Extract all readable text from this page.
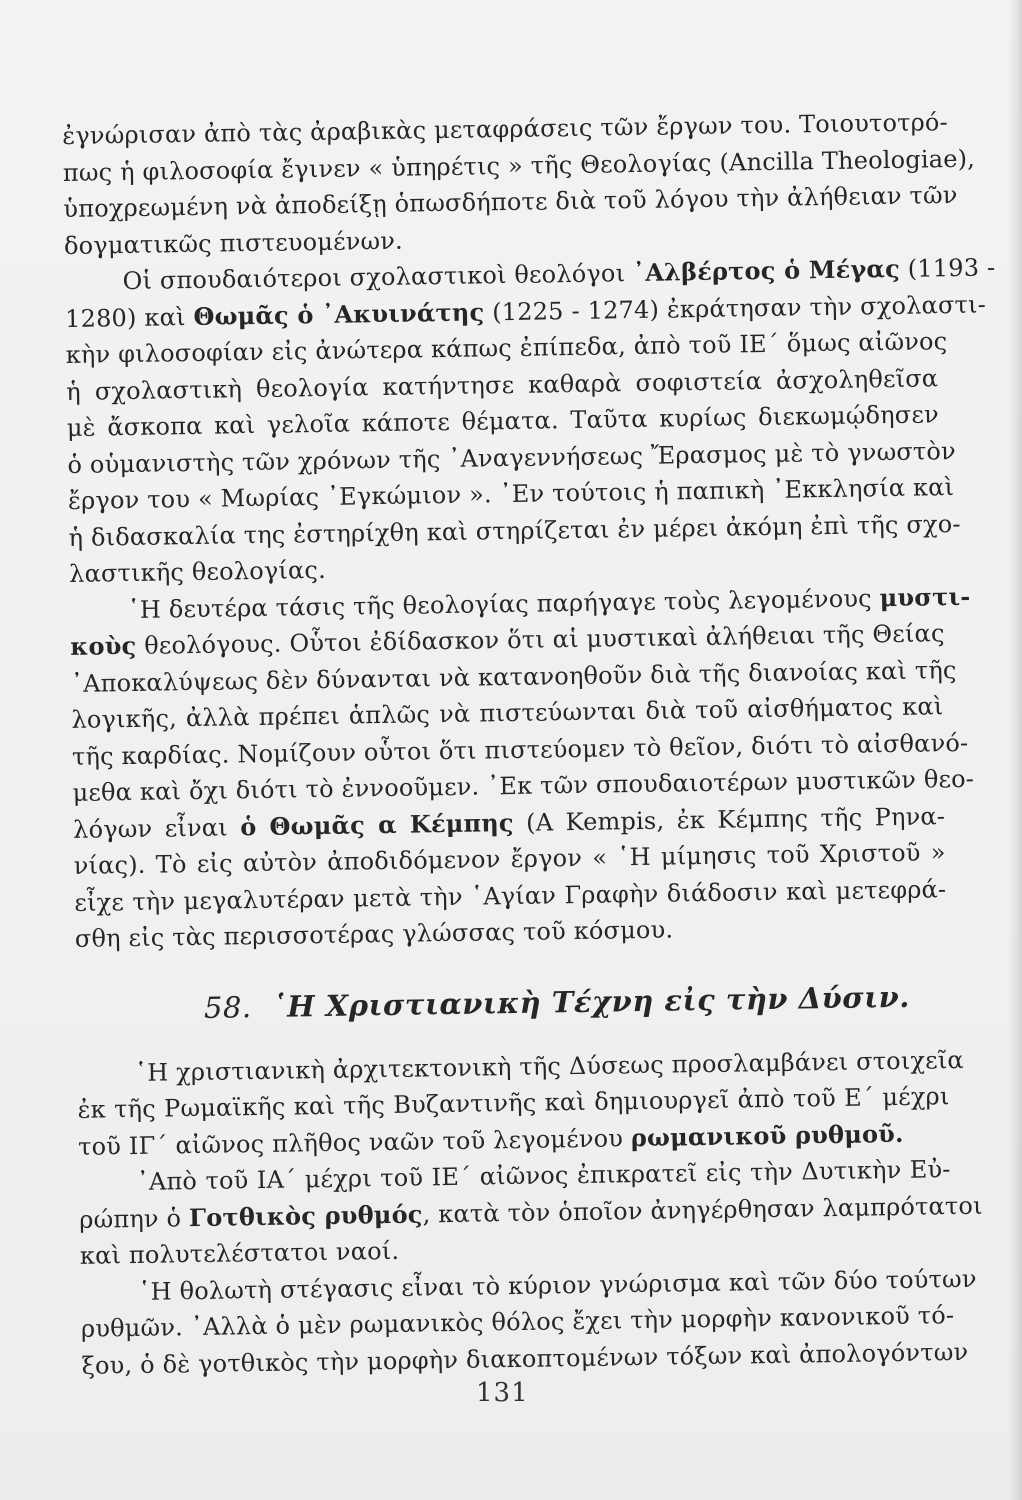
ἐγνώρισαν ἀπὸ τὰς ἀραβικὰς μεταφράσεις τῶν ἔργων του. Τοιουτοτρό-
πως ἡ φιλοσοφία ἔγινεν « ὑπηρέτις » τῆς Θεολογίας (Ancilla Theologiae),
ὑποχρεωμένη νὰ ἀποδείξῃ ὁπωσδήποτε διὰ τοῦ λόγου τὴν ἀλήθειαν τῶν
δογματικῶς πιστευομένων.

Οἱ σπουδαιότεροι σχολαστικοὶ θεολόγοι ᾿Αλβέρτος ὁ Μέγας (1193 -
1280) καὶ Θωμᾶς ὁ ᾿Ακυινάτης (1225 - 1274) ἐκράτησαν τὴν σχολαστι-
κὴν φιλοσοφίαν εἰς ἀνώτερα κάπως ἐπίπεδα, ἀπὸ τοῦ ΙΕ΄ ὅμως αἰῶνος
ἡ σχολαστικὴ θεολογία κατήντησε καθαρὰ σοφιστεία ἀσχοληθεῖσα
μὲ ἄσκοπα καὶ γελοῖα κάποτε θέματα. Ταῦτα κυρίως διεκωμῴδησεν
ὁ οὑμανιστὴς τῶν χρόνων τῆς ᾿Αναγεννήσεως Ἔρασμος μὲ τὸ γνωστὸν
ἔργον του « Μωρίας ᾿Εγκώμιον ». ᾿Εν τούτοις ἡ παπικὴ ᾿Εκκλησία καὶ
ἡ διδασκαλία της ἐστηρίχθη καὶ στηρίζεται ἐν μέρει ἀκόμη ἐπὶ τῆς σχο-
λαστικῆς θεολογίας.

῾Η δευτέρα τάσις τῆς θεολογίας παρήγαγε τοὺς λεγομένους μυστι-
κοὺς θεολόγους. Οὗτοι ἐδίδασκον ὅτι αἱ μυστικαὶ ἀλήθειαι τῆς Θείας
᾿Αποκαλύψεως δὲν δύνανται νὰ κατανοηθοῦν διὰ τῆς διανοίας καὶ τῆς
λογικῆς, ἀλλὰ πρέπει ἁπλῶς νὰ πιστεύωνται διὰ τοῦ αἰσθήματος καὶ
τῆς καρδίας. Νομίζουν οὗτοι ὅτι πιστεύομεν τὸ θεῖον, διότι τὸ αἰσθανό-
μεθα καὶ ὄχι διότι τὸ ἐννοοῦμεν. ᾿Εκ τῶν σπουδαιοτέρων μυστικῶν θεο-
λόγων εἶναι ὁ Θωμᾶς α Κέμπης (A Kempis, ἐκ Κέμπης τῆς Ρηνα-
νίας). Τὸ εἰς αὐτὸν ἀποδιδόμενον ἔργον « ῾Η μίμησις τοῦ Χριστοῦ »
εἶχε τὴν μεγαλυτέραν μετὰ τὴν ῾Αγίαν Γραφὴν διάδοσιν καὶ μετεφρά-
σθη εἰς τὰς περισσοτέρας γλώσσας τοῦ κόσμου.

58. ῾Η Χριστιανικὴ Τέχνη εἰς τὴν Δύσιν.

῾Η χριστιανικὴ ἀρχιτεκτονικὴ τῆς Δύσεως προσλαμβάνει στοιχεῖα
ἐκ τῆς Ρωμαϊκῆς καὶ τῆς Βυζαντινῆς καὶ δημιουργεῖ ἀπὸ τοῦ Ε΄ μέχρι
τοῦ ΙΓ΄ αἰῶνος πλῆθος ναῶν τοῦ λεγομένου ρωμανικοῦ ρυθμοῦ.

᾿Απὸ τοῦ ΙΑ΄ μέχρι τοῦ ΙΕ΄ αἰῶνος ἐπικρατεῖ εἰς τὴν Δυτικὴν Εὐ-
ρώπην ὁ Γοτθικὸς ρυθμός, κατὰ τὸν ὁποῖον ἀνηγέρθησαν λαμπρότατοι
καὶ πολυτελέστατοι ναοί.

῾Η θολωτὴ στέγασις εἶναι τὸ κύριον γνώρισμα καὶ τῶν δύο τούτων
ρυθμῶν. ᾿Αλλὰ ὁ μὲν ρωμανικὸς θόλος ἔχει τὴν μορφὴν κανονικοῦ τό-
ξου, ὁ δὲ γοτθικὸς τὴν μορφὴν διακοπτομένων τόξων καὶ ἀπολογόντων

131
